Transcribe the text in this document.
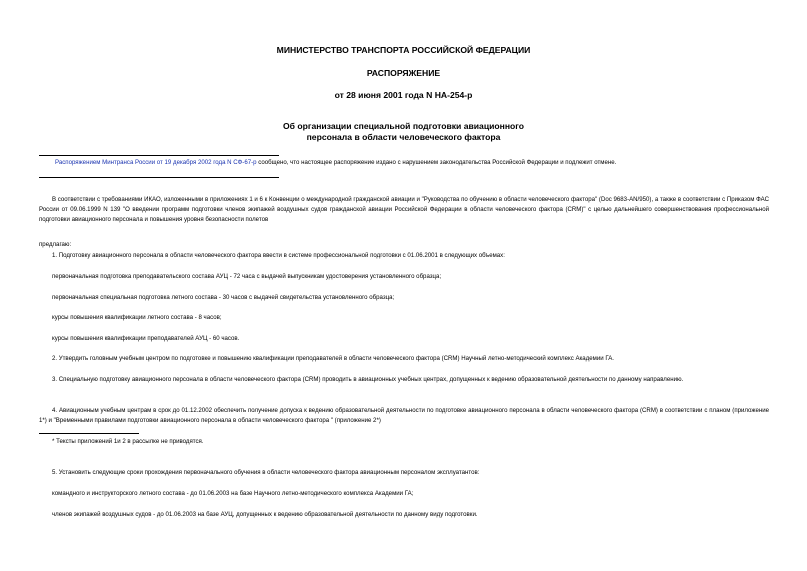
МИНИСТЕРСТВО ТРАНСПОРТА РОССИЙСКОЙ ФЕДЕРАЦИИ
РАСПОРЯЖЕНИЕ
от 28 июня 2001 года N НА-254-р
Об организации специальной подготовки авиационного
персонала в области человеческого фактора
Распоряжением Минтранса России от 19 декабря 2002 года N СФ-67-р сообщено, что настоящее распоряжение издано с нарушением законодательства Российской Федерации и подлежит отмене.
В соответствии с требованиями ИКАО, изложенными в приложениях 1 и 6 к Конвенции о международной гражданской авиации и "Руководства по обучению в области человеческого фактора" (Doc 9683-AN/950), а также в соответствии с Приказом ФАС России от 09.06.1999 N 139 "О введении программ подготовки членов экипажей воздушных судов гражданской авиации Российской Федерации в области человеческого фактора (CRM)" с целью дальнейшего совершенствования профессиональной подготовки авиационного персонала и повышения уровня безопасности полетов
предлагаю:
1. Подготовку авиационного персонала в области человеческого фактора ввести в системе профессиональной подготовки с 01.06.2001 в следующих объемах:
первоначальная подготовка преподавательского состава АУЦ - 72 часа с выдачей выпускникам удостоверения установленного образца;
первоначальная специальная подготовка летного состава - 30 часов с выдачей свидетельства установленного образца;
курсы повышения квалификации летного состава - 8 часов;
курсы повышения квалификации преподавателей АУЦ - 60 часов.
2. Утвердить головным учебным центром по подготовке и повышению квалификации преподавателей в области человеческого фактора (CRM) Научный летно-методический комплекс Академии ГА.
3. Специальную подготовку авиационного персонала в области человеческого фактора (CRM) проводить в авиационных учебных центрах, допущенных к ведению образовательной деятельности по данному направлению.
4. Авиационным учебным центрам в срок до 01.12.2002 обеспечить получение допуска к ведению образовательной деятельности по подготовке авиационного персонала в области человеческого фактора (CRM) в соответствии с планом (приложение 1*) и "Временными правилами подготовки авиационного персонала в области человеческого фактора " (приложение 2*)
* Тексты приложений 1и 2 в рассылке не приводятся.
5. Установить следующие сроки прохождения первоначального обучения в области человеческого фактора авиационным персоналом эксплуатантов:
командного и инструкторского летного состава - до 01.06.2003 на базе Научного летно-методического комплекса Академии ГА;
членов экипажей воздушных судов - до 01.06.2003 на базе АУЦ, допущенных к ведению образовательной деятельности по данному виду подготовки.
